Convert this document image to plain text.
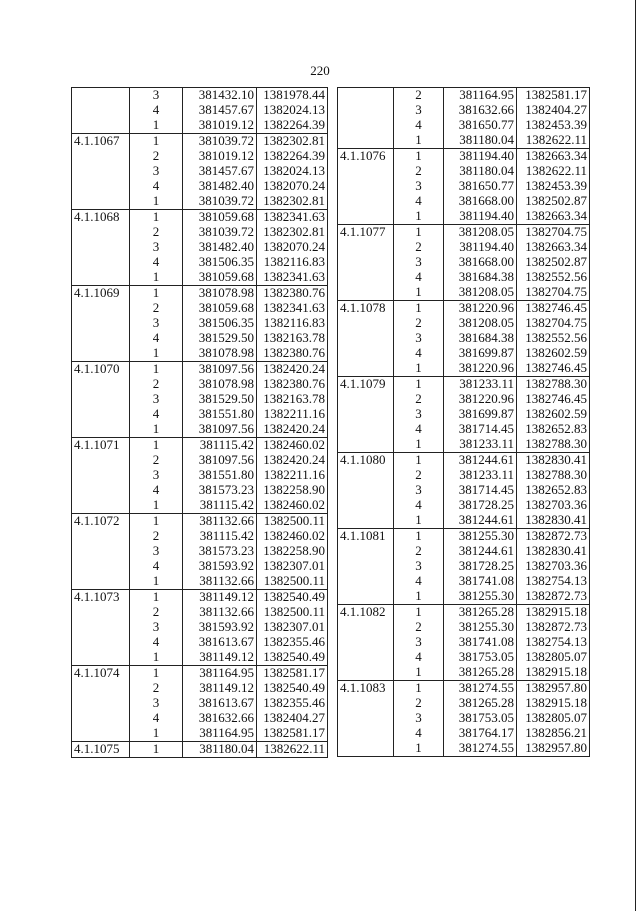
220
	3	381432.10	1381978.44
	4	381457.67	1382024.13
	1	381019.12	1382264.39
4.1.1067	1	381039.72	1382302.81
	2	381019.12	1382264.39
	3	381457.67	1382024.13
	4	381482.40	1382070.24
	1	381039.72	1382302.81
4.1.1068	1	381059.68	1382341.63
	2	381039.72	1382302.81
	3	381482.40	1382070.24
	4	381506.35	1382116.83
	1	381059.68	1382341.63
4.1.1069	1	381078.98	1382380.76
	2	381059.68	1382341.63
	3	381506.35	1382116.83
	4	381529.50	1382163.78
	1	381078.98	1382380.76
4.1.1070	1	381097.56	1382420.24
	2	381078.98	1382380.76
	3	381529.50	1382163.78
	4	381551.80	1382211.16
	1	381097.56	1382420.24
4.1.1071	1	381115.42	1382460.02
	2	381097.56	1382420.24
	3	381551.80	1382211.16
	4	381573.23	1382258.90
	1	381115.42	1382460.02
4.1.1072	1	381132.66	1382500.11
	2	381115.42	1382460.02
	3	381573.23	1382258.90
	4	381593.92	1382307.01
	1	381132.66	1382500.11
4.1.1073	1	381149.12	1382540.49
	2	381132.66	1382500.11
	3	381593.92	1382307.01
	4	381613.67	1382355.46
	1	381149.12	1382540.49
4.1.1074	1	381164.95	1382581.17
	2	381149.12	1382540.49
	3	381613.67	1382355.46
	4	381632.66	1382404.27
	1	381164.95	1382581.17
4.1.1075	1	381180.04	1382622.11
	2	381164.95	1382581.17
	3	381632.66	1382404.27
	4	381650.77	1382453.39
	1	381180.04	1382622.11
4.1.1076	1	381194.40	1382663.34
	2	381180.04	1382622.11
	3	381650.77	1382453.39
	4	381668.00	1382502.87
	1	381194.40	1382663.34
4.1.1077	1	381208.05	1382704.75
	2	381194.40	1382663.34
	3	381668.00	1382502.87
	4	381684.38	1382552.56
	1	381208.05	1382704.75
4.1.1078	1	381220.96	1382746.45
	2	381208.05	1382704.75
	3	381684.38	1382552.56
	4	381699.87	1382602.59
	1	381220.96	1382746.45
4.1.1079	1	381233.11	1382788.30
	2	381220.96	1382746.45
	3	381699.87	1382602.59
	4	381714.45	1382652.83
	1	381233.11	1382788.30
4.1.1080	1	381244.61	1382830.41
	2	381233.11	1382788.30
	3	381714.45	1382652.83
	4	381728.25	1382703.36
	1	381244.61	1382830.41
4.1.1081	1	381255.30	1382872.73
	2	381244.61	1382830.41
	3	381728.25	1382703.36
	4	381741.08	1382754.13
	1	381255.30	1382872.73
4.1.1082	1	381265.28	1382915.18
	2	381255.30	1382872.73
	3	381741.08	1382754.13
	4	381753.05	1382805.07
	1	381265.28	1382915.18
4.1.1083	1	381274.55	1382957.80
	2	381265.28	1382915.18
	3	381753.05	1382805.07
	4	381764.17	1382856.21
	1	381274.55	1382957.80
